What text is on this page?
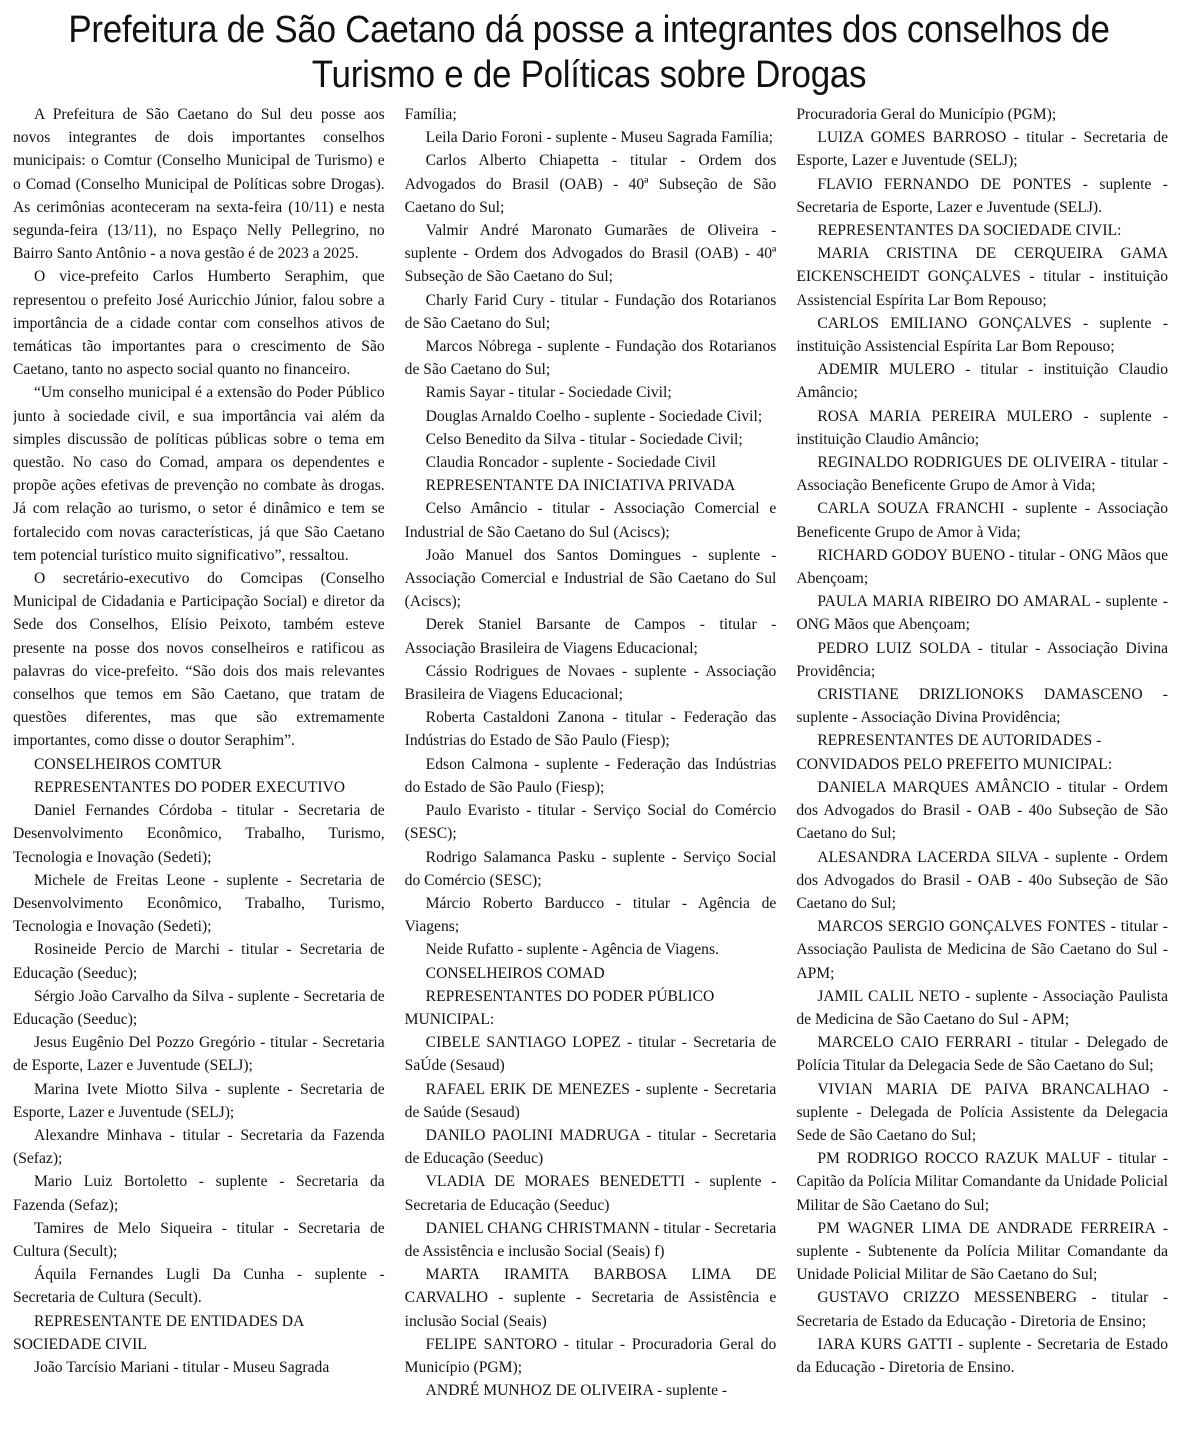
Prefeitura de São Caetano dá posse a integrantes dos conselhos de Turismo e de Políticas sobre Drogas

A Prefeitura de São Caetano do Sul deu posse aos novos integrantes de dois importantes conselhos municipais: o Comtur (Conselho Municipal de Turismo) e o Comad (Conselho Municipal de Políticas sobre Drogas). As cerimônias aconteceram na sexta-feira (10/11) e nesta segunda-feira (13/11), no Espaço Nelly Pellegrino, no Bairro Santo Antônio - a nova gestão é de 2023 a 2025.

O vice-prefeito Carlos Humberto Seraphim, que representou o prefeito José Auricchio Júnior, falou sobre a importância de a cidade contar com conselhos ativos de temáticas tão importantes para o crescimento de São Caetano, tanto no aspecto social quanto no financeiro.

“Um conselho municipal é a extensão do Poder Público junto à sociedade civil, e sua importância vai além da simples discussão de políticas públicas sobre o tema em questão. No caso do Comad, ampara os dependentes e propõe ações efetivas de prevenção no combate às drogas. Já com relação ao turismo, o setor é dinâmico e tem se fortalecido com novas características, já que São Caetano tem potencial turístico muito significativo”, ressaltou.

O secretário-executivo do Comcipas (Conselho Municipal de Cidadania e Participação Social) e diretor da Sede dos Conselhos, Elísio Peixoto, também esteve presente na posse dos novos conselheiros e ratificou as palavras do vice-prefeito. “São dois dos mais relevantes conselhos que temos em São Caetano, que tratam de questões diferentes, mas que são extremamente importantes, como disse o doutor Seraphim”.

CONSELHEIROS COMTUR

REPRESENTANTES DO PODER EXECUTIVO

Daniel Fernandes Córdoba - titular - Secretaria de Desenvolvimento Econômico, Trabalho, Turismo, Tecnologia e Inovação (Sedeti);

Michele de Freitas Leone - suplente - Secretaria de Desenvolvimento Econômico, Trabalho, Turismo, Tecnologia e Inovação (Sedeti);

Rosineide Percio de Marchi - titular - Secretaria de Educação (Seeduc);

Sérgio João Carvalho da Silva - suplente - Secretaria de Educação (Seeduc);

Jesus Eugênio Del Pozzo Gregório - titular - Secretaria de Esporte, Lazer e Juventude (SELJ);

Marina Ivete Miotto Silva - suplente - Secretaria de Esporte, Lazer e Juventude (SELJ);

Alexandre Minhava - titular - Secretaria da Fazenda (Sefaz);

Mario Luiz Bortoletto - suplente - Secretaria da Fazenda (Sefaz);

Tamires de Melo Siqueira - titular - Secretaria de Cultura (Secult);

Áquila Fernandes Lugli Da Cunha - suplente - Secretaria de Cultura (Secult).

REPRESENTANTE DE ENTIDADES DA SOCIEDADE CIVIL

João Tarcísio Mariani - titular - Museu Sagrada

Família;

Leila Dario Foroni - suplente - Museu Sagrada Família;

Carlos Alberto Chiapetta - titular - Ordem dos Advogados do Brasil (OAB) - 40ª Subseção de São Caetano do Sul;

Valmir André Maronato Gumarães de Oliveira - suplente - Ordem dos Advogados do Brasil (OAB) - 40ª Subseção de São Caetano do Sul;

Charly Farid Cury - titular - Fundação dos Rotarianos de São Caetano do Sul;

Marcos Nóbrega - suplente - Fundação dos Rotarianos de São Caetano do Sul;

Ramis Sayar - titular - Sociedade Civil;

Douglas Arnaldo Coelho - suplente - Sociedade Civil;

Celso Benedito da Silva - titular - Sociedade Civil;

Claudia Roncador - suplente - Sociedade Civil

REPRESENTANTE DA INICIATIVA PRIVADA

Celso Amâncio - titular - Associação Comercial e Industrial de São Caetano do Sul (Aciscs);

João Manuel dos Santos Domingues - suplente - Associação Comercial e Industrial de São Caetano do Sul (Aciscs);

Derek Staniel Barsante de Campos - titular - Associação Brasileira de Viagens Educacional;

Cássio Rodrigues de Novaes - suplente - Associação Brasileira de Viagens Educacional;

Roberta Castaldoni Zanona - titular - Federação das Indústrias do Estado de São Paulo (Fiesp);

Edson Calmona - suplente - Federação das Indústrias do Estado de São Paulo (Fiesp);

Paulo Evaristo - titular - Serviço Social do Comércio (SESC);

Rodrigo Salamanca Pasku - suplente - Serviço Social do Comércio (SESC);

Márcio Roberto Barducco - titular - Agência de Viagens;

Neide Rufatto - suplente - Agência de Viagens.

CONSELHEIROS COMAD

REPRESENTANTES DO PODER PÚBLICO MUNICIPAL:

CIBELE SANTIAGO LOPEZ - titular - Secretaria de SaÚde (Sesaud)

RAFAEL ERIK DE MENEZES - suplente - Secretaria de Saúde (Sesaud)

DANILO PAOLINI MADRUGA - titular - Secretaria de Educação (Seeduc)

VLADIA DE MORAES BENEDETTI - suplente - Secretaria de Educação (Seeduc)

DANIEL CHANG CHRISTMANN - titular - Secretaria de Assistência e inclusão Social (Seais) f)

MARTA IRAMITA BARBOSA LIMA DE CARVALHO - suplente - Secretaria de Assistência e inclusão Social (Seais)

FELIPE SANTORO - titular - Procuradoria Geral do Município (PGM);

ANDRÉ MUNHOZ DE OLIVEIRA - suplente -

Procuradoria Geral do Município (PGM);

LUIZA GOMES BARROSO - titular - Secretaria de Esporte, Lazer e Juventude (SELJ);

FLAVIO FERNANDO DE PONTES - suplente - Secretaria de Esporte, Lazer e Juventude (SELJ).

REPRESENTANTES DA SOCIEDADE CIVIL:

MARIA CRISTINA DE CERQUEIRA GAMA EICKENSCHEIDT GONÇALVES - titular - instituição Assistencial Espírita Lar Bom Repouso;

CARLOS EMILIANO GONÇALVES - suplente - instituição Assistencial Espírita Lar Bom Repouso;

ADEMIR MULERO - titular - instituição Claudio Amâncio;

ROSA MARIA PEREIRA MULERO - suplente - instituição Claudio Amâncio;

REGINALDO RODRIGUES DE OLIVEIRA - titular - Associação Beneficente Grupo de Amor à Vida;

CARLA SOUZA FRANCHI - suplente - Associação Beneficente Grupo de Amor à Vida;

RICHARD GODOY BUENO - titular - ONG Mãos que Abençoam;

PAULA MARIA RIBEIRO DO AMARAL - suplente - ONG Mãos que Abençoam;

PEDRO LUIZ SOLDA - titular - Associação Divina Providência;

CRISTIANE DRIZLIONOKS DAMASCENO - suplente - Associação Divina Providência;

REPRESENTANTES DE AUTORIDADES - CONVIDADOS PELO PREFEITO MUNICIPAL:

DANIELA MARQUES AMÂNCIO - titular - Ordem dos Advogados do Brasil - OAB - 40o Subseção de São Caetano do Sul;

ALESANDRA LACERDA SILVA - suplente - Ordem dos Advogados do Brasil - OAB - 40o Subseção de São Caetano do Sul;

MARCOS SERGIO GONÇALVES FONTES - titular - Associação Paulista de Medicina de São Caetano do Sul - APM;

JAMIL CALIL NETO - suplente - Associação Paulista de Medicina de São Caetano do Sul - APM;

MARCELO CAIO FERRARI - titular - Delegado de Polícia Titular da Delegacia Sede de São Caetano do Sul;

VIVIAN MARIA DE PAIVA BRANCALHAO - suplente - Delegada de Polícia Assistente da Delegacia Sede de São Caetano do Sul;

PM RODRIGO ROCCO RAZUK MALUF - titular - Capitão da Polícia Militar Comandante da Unidade Policial Militar de São Caetano do Sul;

PM WAGNER LIMA DE ANDRADE FERREIRA - suplente - Subtenente da Polícia Militar Comandante da Unidade Policial Militar de São Caetano do Sul;

GUSTAVO CRIZZO MESSENBERG - titular - Secretaria de Estado da Educação - Diretoria de Ensino;

IARA KURS GATTI - suplente - Secretaria de Estado da Educação - Diretoria de Ensino.
